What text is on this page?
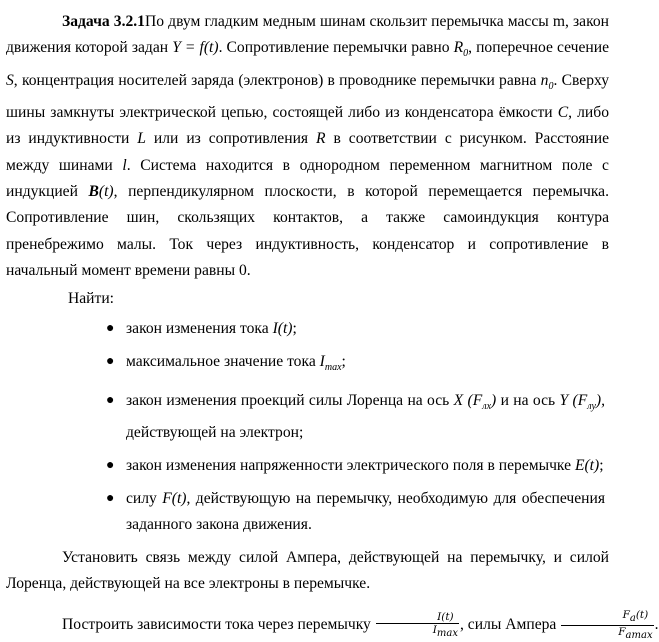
Задача 3.2.1По двум гладким медным шинам скользит перемычка массы m, закон движения которой задан Y = f(t). Сопротивление перемычки равно $R_0$, поперечное сечение S, концентрация носителей заряда (электронов) в проводнике перемычки равна $n_0$. Сверху шины замкнуты электрической цепью, состоящей либо из конденсатора ёмкости C, либо из индуктивности L или из сопротивления R в соответствии с рисунком. Расстояние между шинами l. Система находится в однородном переменном магнитном поле с индукцией B(t), перпендикулярном плоскости, в которой перемещается перемычка. Сопротивление шин, скользящих контактов, а также самоиндукция контура пренебрежимо малы. Ток через индуктивность, конденсатор и сопротивление в начальный момент времени равны 0.

Найти:
● закон изменения тока I(t);
● максимальное значение тока $I_{max}$;
● закон изменения проекций силы Лоренца на ось X $(F_{лх})$ и на ось Y $(F_{лу})$, действующей на электрон;
● закон изменения напряженности электрического поля в перемычке E(t);
● силу F(t), действующую на перемычку, необходимую для обеспечения заданного закона движения.

Установить связь между силой Ампера, действующей на перемычку, и силой Лоренца, действующей на все электроны в перемычке.

Построить зависимости тока через перемычку $\frac{I(t)}{I_{max}}$ , силы Ампера $\frac{F_a(t)}{F_{amax}}$ .
